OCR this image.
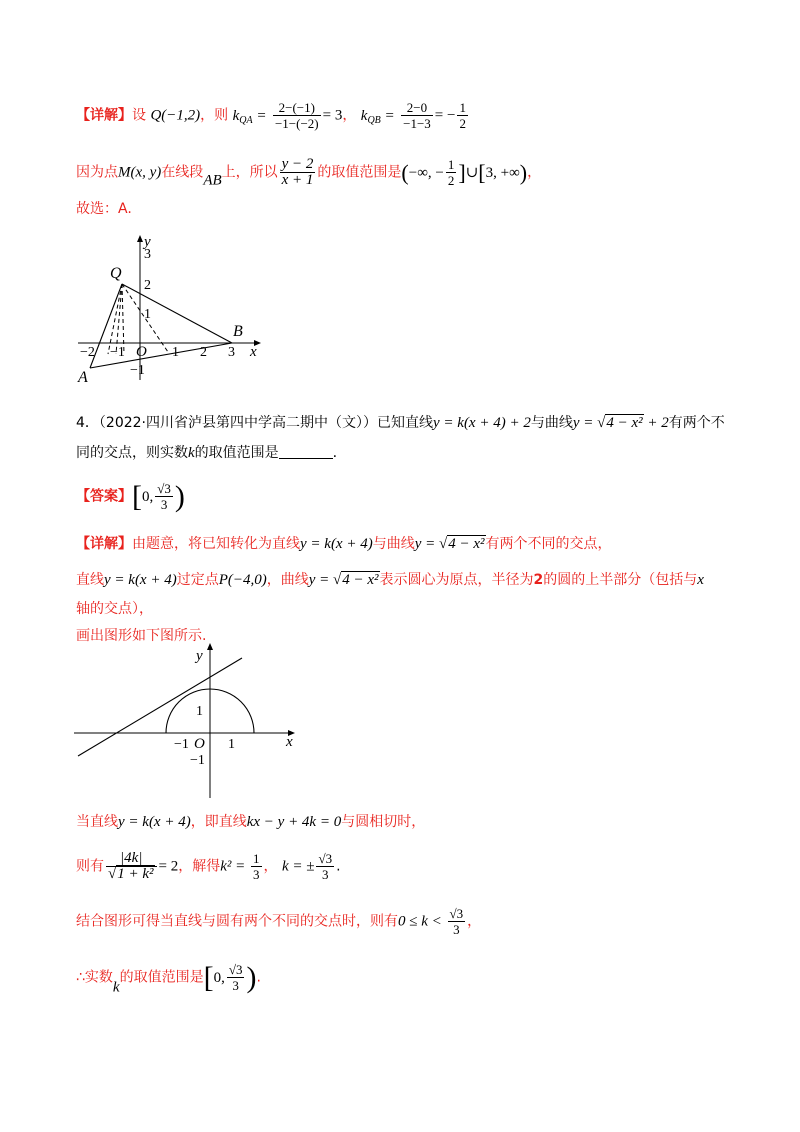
【详解】设 Q(−1,2)，则 $k_{QA} = \frac{2-(-1)}{-1-(-2)} = 3$， $k_{QB} = \frac{2-0}{-1-3}$ = − $\frac{1}{2}$
因为点M(x, y)在线段AB上，所以 $\frac{y - 2}{x + 1}$ 的取值范围是(−∞, − $\frac{1}{2}$ ]∪[3, +∞)，
故选：A.
y
x
Q
B
A
O
3
2
1
−1
−2 −1	1 2 3
4．（2022·四川省泸县第四中学高二期中（文））已知直线y = k(x + 4) + 2与曲线y = √4 − x² + 2有两个不
同的交点，则实数k的取值范围是	.
【答案】[0, $\frac{√3}{3}$ )
【详解】由题意，将已知转化为直线y = k(x + 4)与曲线y = √4 − x²有两个不同的交点，
直线y = k(x + 4)过定点P(−4,0)，曲线y = √4 − x²表示圆心为原点，半径为2的圆的上半部分（包括与x
轴的交点），
画出图形如下图所示.
y
x
O
1
−1
−1	1
当直线y = k(x + 4)，即直线kx − y + 4k = 0与圆相切时，
则有 $\frac{|4k|}{\text{√1 + k²}} = 2$，解得$k^2 = \frac{1}{3}$ ， k = ± $\frac{√3}{3}$ .
结合图形可得当直线与圆有两个不同的交点时，则有$0 \le k < \frac{√3}{3}$ ，
∴实数k的取值范围是[0, $\frac{√3}{3}$ ).
